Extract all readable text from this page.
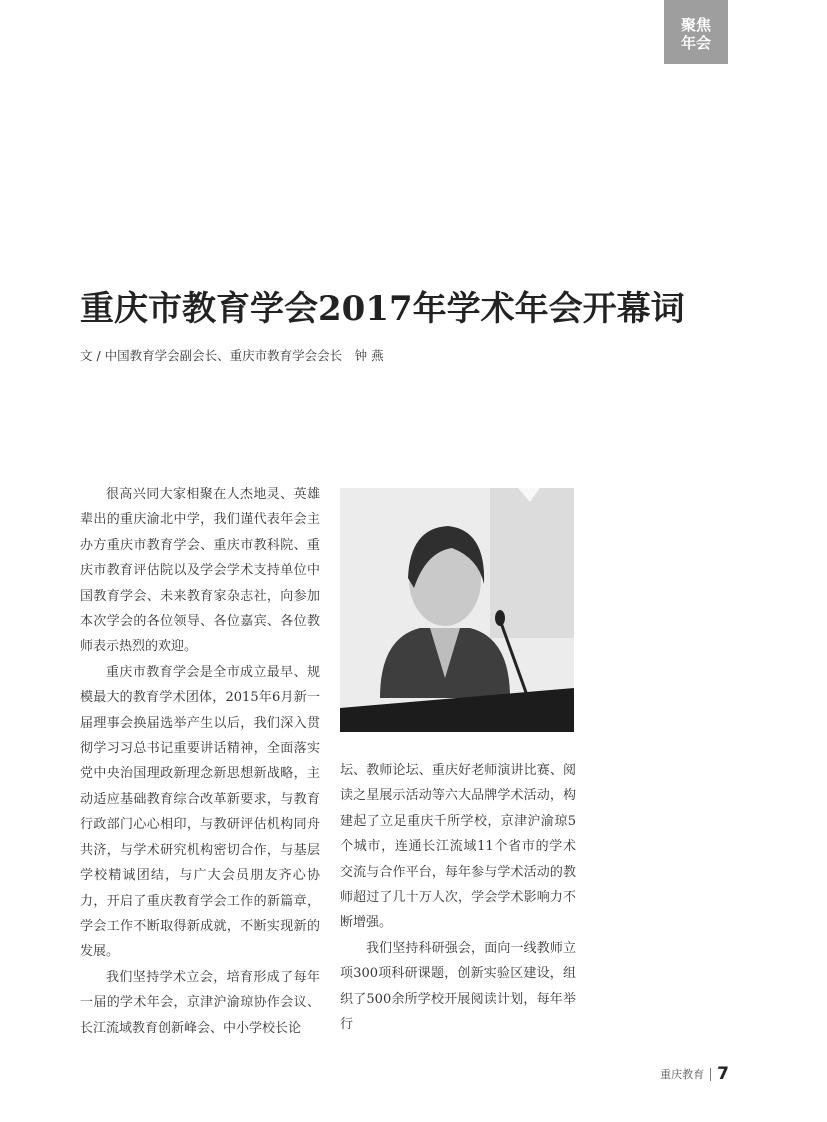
聚焦
年会
重庆市教育学会2017年学术年会开幕词
文 / 中国教育学会副会长、重庆市教育学会会长　钟 燕

很高兴同大家相聚在人杰地灵、英雄辈出的重庆渝北中学，我们谨代表年会主办方重庆市教育学会、重庆市教科院、重庆市教育评估院以及学会学术支持单位中国教育学会、未来教育家杂志社，向参加本次学会的各位领导、各位嘉宾、各位教师表示热烈的欢迎。

重庆市教育学会是全市成立最早、规模最大的教育学术团体，2015年6月新一届理事会换届选举产生以后，我们深入贯彻学习习总书记重要讲话精神，全面落实党中央治国理政新理念新思想新战略，主动适应基础教育综合改革新要求，与教育行政部门心心相印，与教研评估机构同舟共济，与学术研究机构密切合作，与基层学校精诚团结，与广大会员朋友齐心协力，开启了重庆教育学会工作的新篇章，学会工作不断取得新成就，不断实现新的发展。

我们坚持学术立会，培育形成了每年一届的学术年会，京津沪渝琼协作会议、长江流域教育创新峰会、中小学校长论

坛、教师论坛、重庆好老师演讲比赛、阅读之星展示活动等六大品牌学术活动，构建起了立足重庆千所学校，京津沪渝琼5个城市，连通长江流域11个省市的学术交流与合作平台，每年参与学术活动的教师超过了几十万人次，学会学术影响力不断增强。

我们坚持科研强会，面向一线教师立项300项科研课题，创新实验区建设，组织了500余所学校开展阅读计划，每年举行

重庆教育 7
